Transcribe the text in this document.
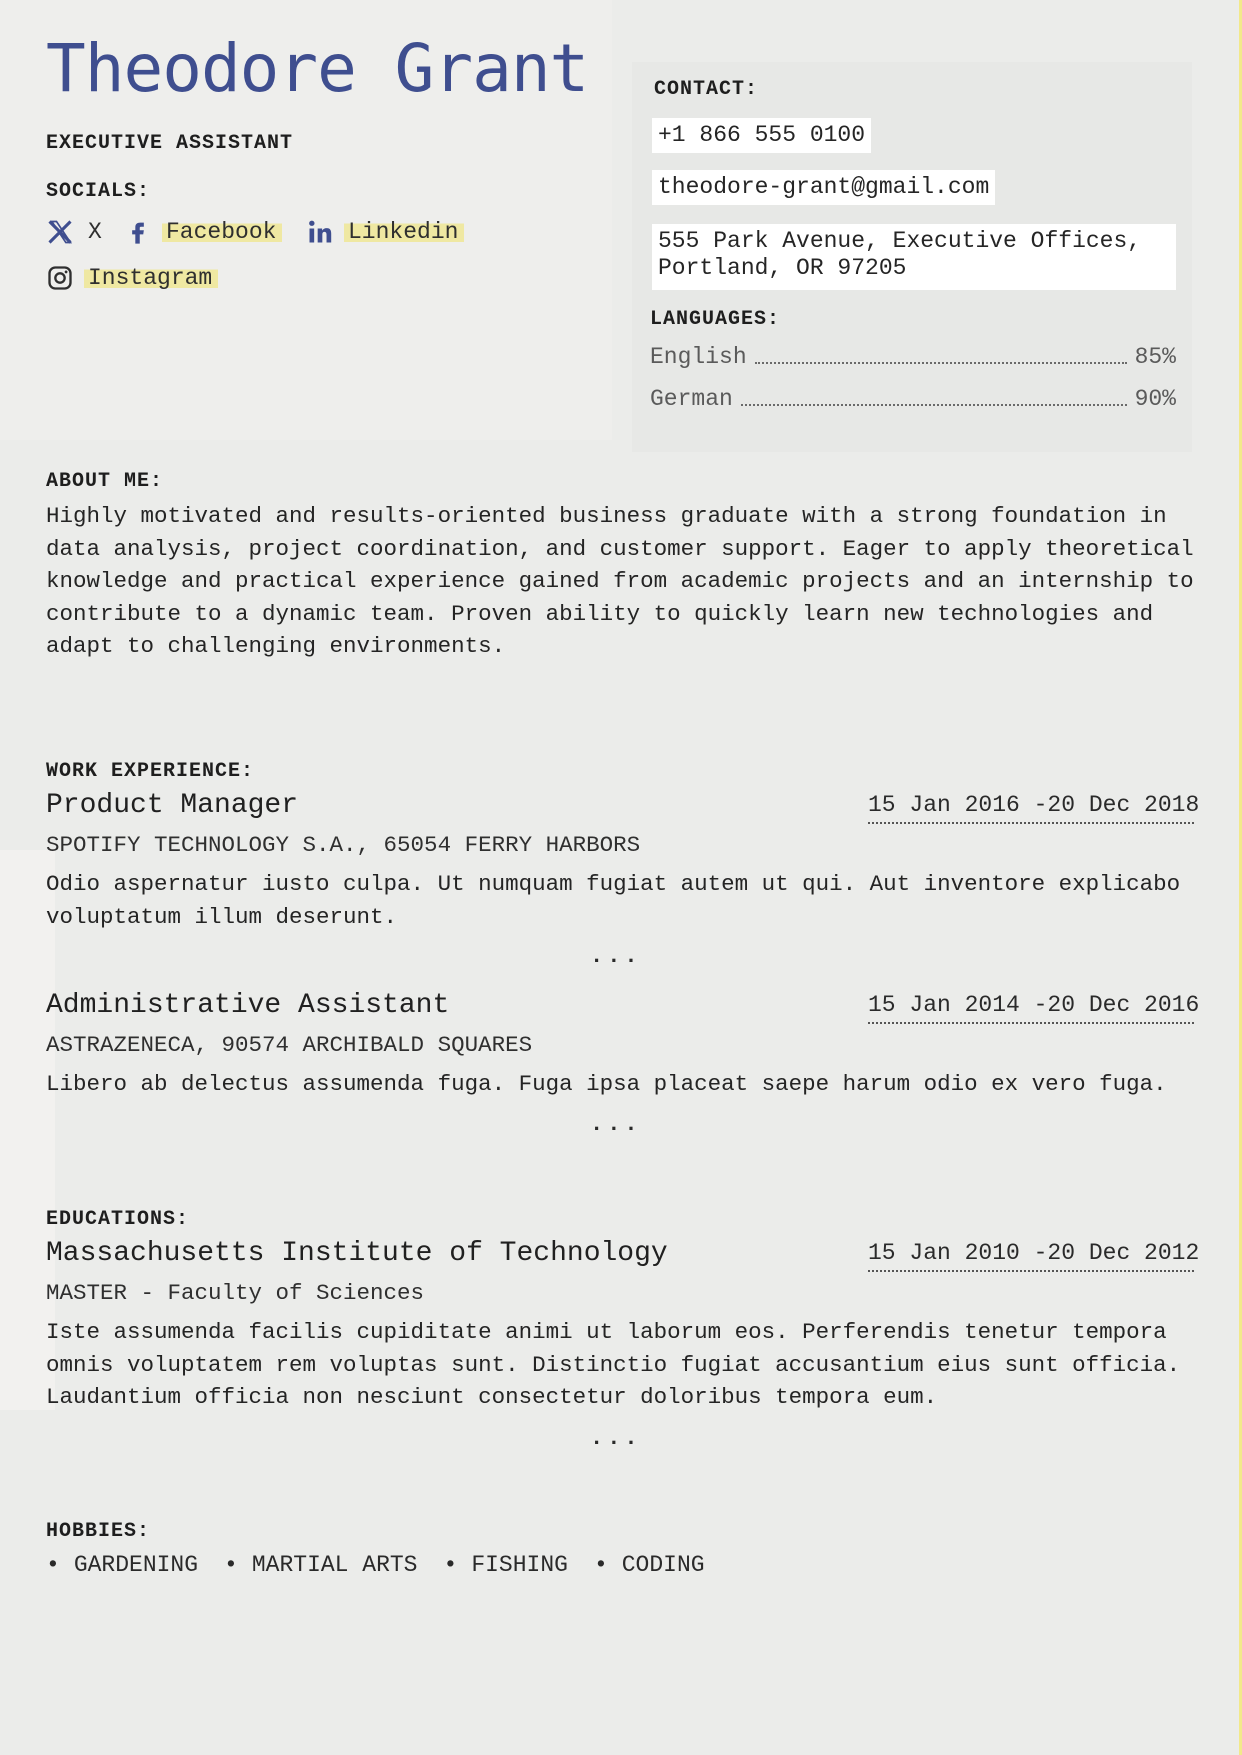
Theodore Grant
EXECUTIVE ASSISTANT
SOCIALS:
X	Facebook	Linkedin
Instagram
CONTACT:
+1 866 555 0100
theodore-grant@gmail.com
555 Park Avenue, Executive Offices,
Portland, OR 97205
LANGUAGES:
English	85%
German	90%
ABOUT ME:
Highly motivated and results-oriented business graduate with a strong foundation in data analysis, project coordination, and customer support. Eager to apply theoretical knowledge and practical experience gained from academic projects and an internship to contribute to a dynamic team. Proven ability to quickly learn new technologies and adapt to challenging environments.
WORK EXPERIENCE:
Product Manager	15 Jan 2016 -20 Dec 2018
SPOTIFY TECHNOLOGY S.A., 65054 FERRY HARBORS
Odio aspernatur iusto culpa. Ut numquam fugiat autem ut qui. Aut inventore explicabo voluptatum illum deserunt.
...
Administrative Assistant	15 Jan 2014 -20 Dec 2016
ASTRAZENECA, 90574 ARCHIBALD SQUARES
Libero ab delectus assumenda fuga. Fuga ipsa placeat saepe harum odio ex vero fuga.
...
EDUCATIONS:
Massachusetts Institute of Technology	15 Jan 2010 -20 Dec 2012
MASTER - Faculty of Sciences
Iste assumenda facilis cupiditate animi ut laborum eos. Perferendis tenetur tempora omnis voluptatem rem voluptas sunt. Distinctio fugiat accusantium eius sunt officia. Laudantium officia non nesciunt consectetur doloribus tempora eum.
...
HOBBIES:
• GARDENING • MARTIAL ARTS • FISHING • CODING
